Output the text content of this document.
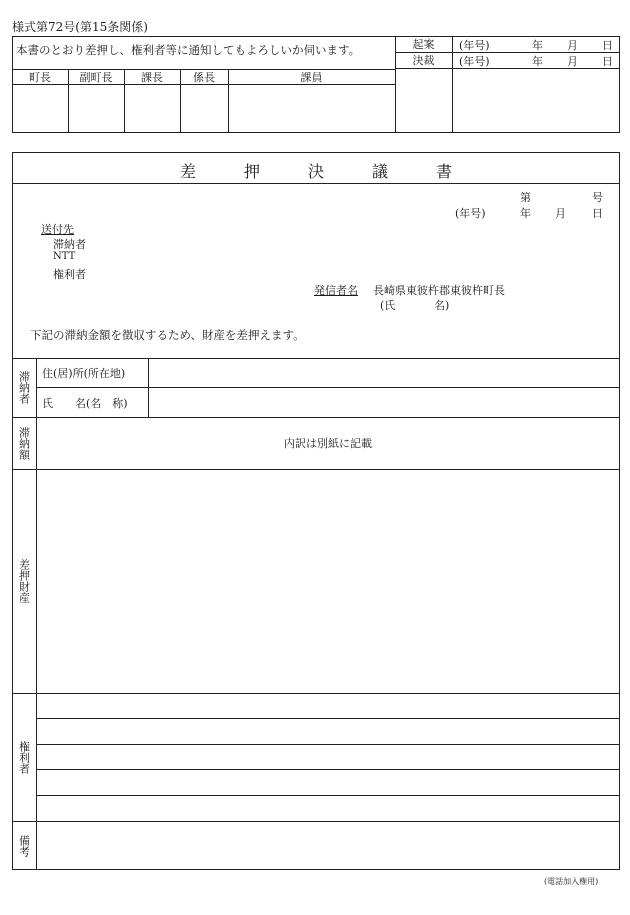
様式第72号(第15条関係)
本書のとおり差押し、権利者等に通知してもよろしいか伺います。	起案	(年号)	年 月 日
決裁	(年号)	年 月 日
町長	副町長	課長	係長	課員
差	押	決	議	書
第	号
(年号)	年 月 日
送付先
滞納者
NTT
権利者
発信者名 長崎県東彼杵郡東彼杵町長
(氏	名)
下記の滞納金額を徴収するため、財産を差押えます。
滞納者 住(居)所(所在地)
氏　　名(名　称)
滞納額	内訳は別紙に記載
差押財産
権利者
備考
(電話加入権用)
